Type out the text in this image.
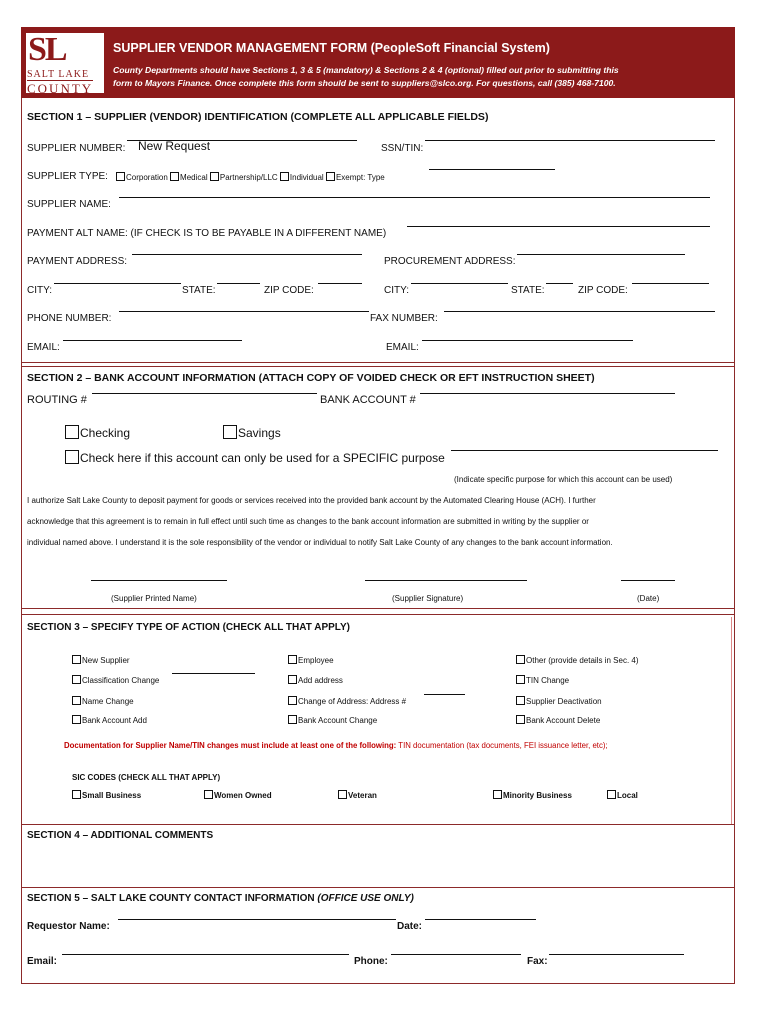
SL
SALT LAKE
COUNTY
SUPPLIER VENDOR MANAGEMENT FORM (PeopleSoft Financial System)
County Departments should have Sections 1, 3 & 5 (mandatory) & Sections 2 & 4 (optional) filled out prior to submitting this
form to Mayors Finance. Once complete this form should be sent to suppliers@slco.org. For questions, call (385) 468-7100.
SECTION 1 – SUPPLIER (VENDOR) IDENTIFICATION (COMPLETE ALL APPLICABLE FIELDS)
SUPPLIER NUMBER: New Request	SSN/TIN:
SUPPLIER TYPE:	Corporation Medical Partnership/LLC Individual Exempt: Type
SUPPLIER NAME:
PAYMENT ALT NAME: (IF CHECK IS TO BE PAYABLE IN A DIFFERENT NAME)
PAYMENT ADDRESS:	PROCUREMENT ADDRESS:
CITY:	STATE:	ZIP CODE:	CITY:	STATE:	ZIP CODE:
PHONE NUMBER:	FAX NUMBER:
EMAIL:	EMAIL:
SECTION 2 – BANK ACCOUNT INFORMATION (ATTACH COPY OF VOIDED CHECK OR EFT INSTRUCTION SHEET)
ROUTING #	BANK ACCOUNT #
Checking	Savings
Check here if this account can only be used for a SPECIFIC purpose
(Indicate specific purpose for which this account can be used)
I authorize Salt Lake County to deposit payment for goods or services received into the provided bank account by the Automated Clearing House (ACH). I further
acknowledge that this agreement is to remain in full effect until such time as changes to the bank account information are submitted in writing by the supplier or
individual named above. I understand it is the sole responsibility of the vendor or individual to notify Salt Lake County of any changes to the bank account information.
(Supplier Printed Name)	(Supplier Signature)	(Date)
SECTION 3 – SPECIFY TYPE OF ACTION (CHECK ALL THAT APPLY)
New Supplier	Employee	Other (provide details in Sec. 4)
Classification Change	Add address	TIN Change
Name Change	Change of Address: Address #	Supplier Deactivation
Bank Account Add	Bank Account Change	Bank Account Delete
Documentation for Supplier Name/TIN changes must include at least one of the following: TIN documentation (tax documents, FEI issuance letter, etc);
SIC CODES (CHECK ALL THAT APPLY)
Small Business	Women Owned	Veteran	Minority Business	Local
SECTION 4 – ADDITIONAL COMMENTS
SECTION 5 – SALT LAKE COUNTY CONTACT INFORMATION (OFFICE USE ONLY)
Requestor Name:	Date:
Email:	Phone:	Fax:
